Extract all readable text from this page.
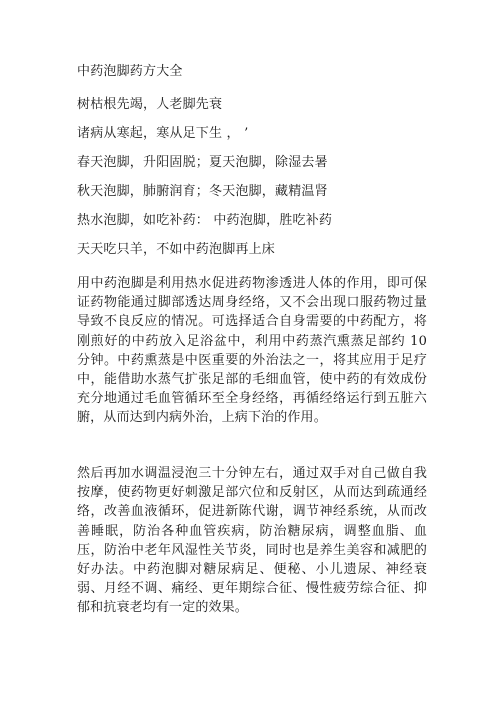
中药泡脚药方大全
树枯根先竭，人老脚先衰
诸病从寒起，寒从足下生 ， ’
春天泡脚，升阳固脱；夏天泡脚，除湿去暑
秋天泡脚，肺腑润育；冬天泡脚，藏精温肾
热水泡脚，如吃补药： 中药泡脚，胜吃补药
天天吃只羊，不如中药泡脚再上床
用中药泡脚是利用热水促进药物渗透进人体的作用，即可保证药物能通过脚部透达周身经络，又不会出现口服药物过量导致不良反应的情况。可选择适合自身需要的中药配方，将刚煎好的中药放入足浴盆中，利用中药蒸汽熏蒸足部约 10 分钟。中药熏蒸是中医重要的外治法之一，将其应用于足疗中，能借助水蒸气扩张足部的毛细血管，使中药的有效成份充分地通过毛血管循环至全身经络，再循经络运行到五脏六腑，从而达到内病外治，上病下治的作用。
然后再加水调温浸泡三十分钟左右，通过双手对自己做自我按摩，使药物更好刺激足部穴位和反射区，从而达到疏通经络，改善血液循环，促进新陈代谢，调节神经系统，从而改善睡眠，防治各种血管疾病，防治糖尿病，调整血脂、血压，防治中老年风湿性关节炎，同时也是养生美容和减肥的好办法。中药泡脚对糖尿病足、便秘、小儿遗尿、神经衰弱、月经不调、痛经、更年期综合征、慢性疲劳综合征、抑郁和抗衰老均有一定的效果。
